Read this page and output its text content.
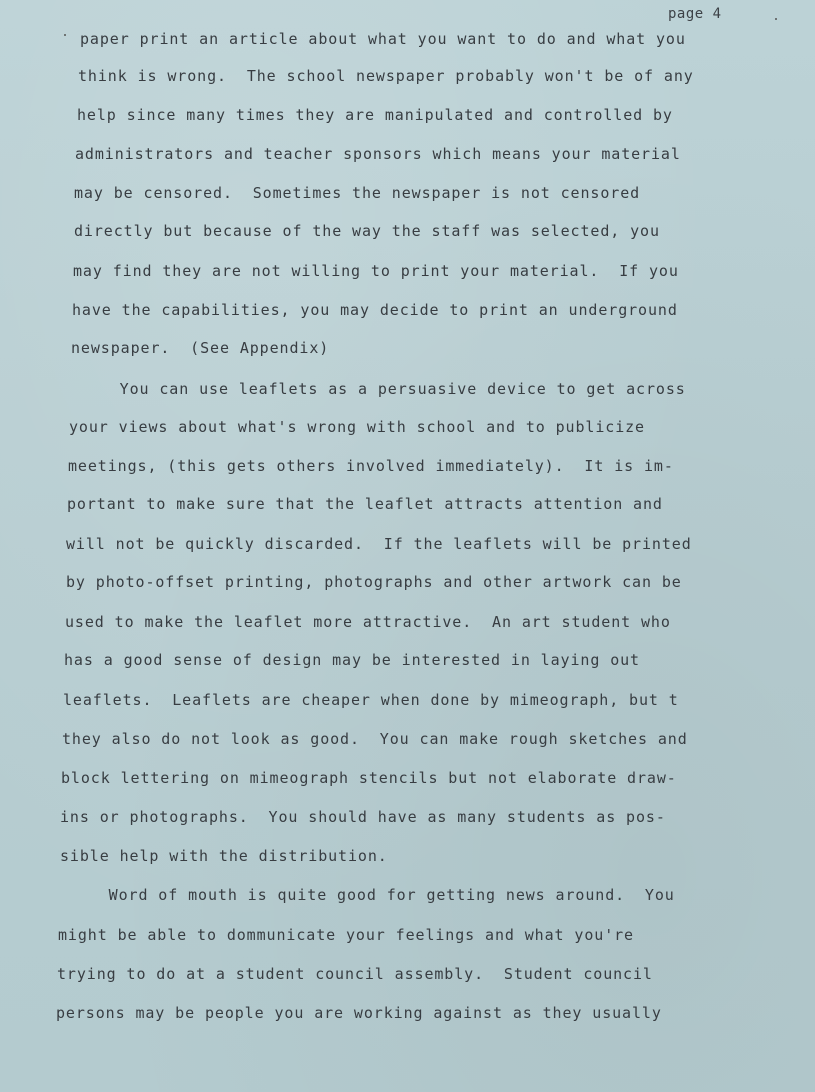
page 4
paper print an article about what you want to do and what you
think is wrong.  The school newspaper probably won't be of any
help since many times they are manipulated and controlled by
administrators and teacher sponsors which means your material
may be censored.  Sometimes the newspaper is not censored
directly but because of the way the staff was selected, you
may find they are not willing to print your material.  If you
have the capabilities, you may decide to print an underground
newspaper.  (See Appendix)
You can use leaflets as a persuasive device to get across
your views about what's wrong with school and to publicize
meetings, (this gets others involved immediately).  It is im-
portant to make sure that the leaflet attracts attention and
will not be quickly discarded.  If the leaflets will be printed
by photo-offset printing, photographs and other artwork can be
used to make the leaflet more attractive.  An art student who
has a good sense of design may be interested in laying out
leaflets.  Leaflets are cheaper when done by mimeograph, but t
they also do not look as good.  You can make rough sketches and
block lettering on mimeograph stencils but not elaborate draw-
ins or photographs.  You should have as many students as pos-
sible help with the distribution.
Word of mouth is quite good for getting news around.  You
might be able to dommunicate your feelings and what you're
trying to do at a student council assembly.  Student council
persons may be people you are working against as they usually
